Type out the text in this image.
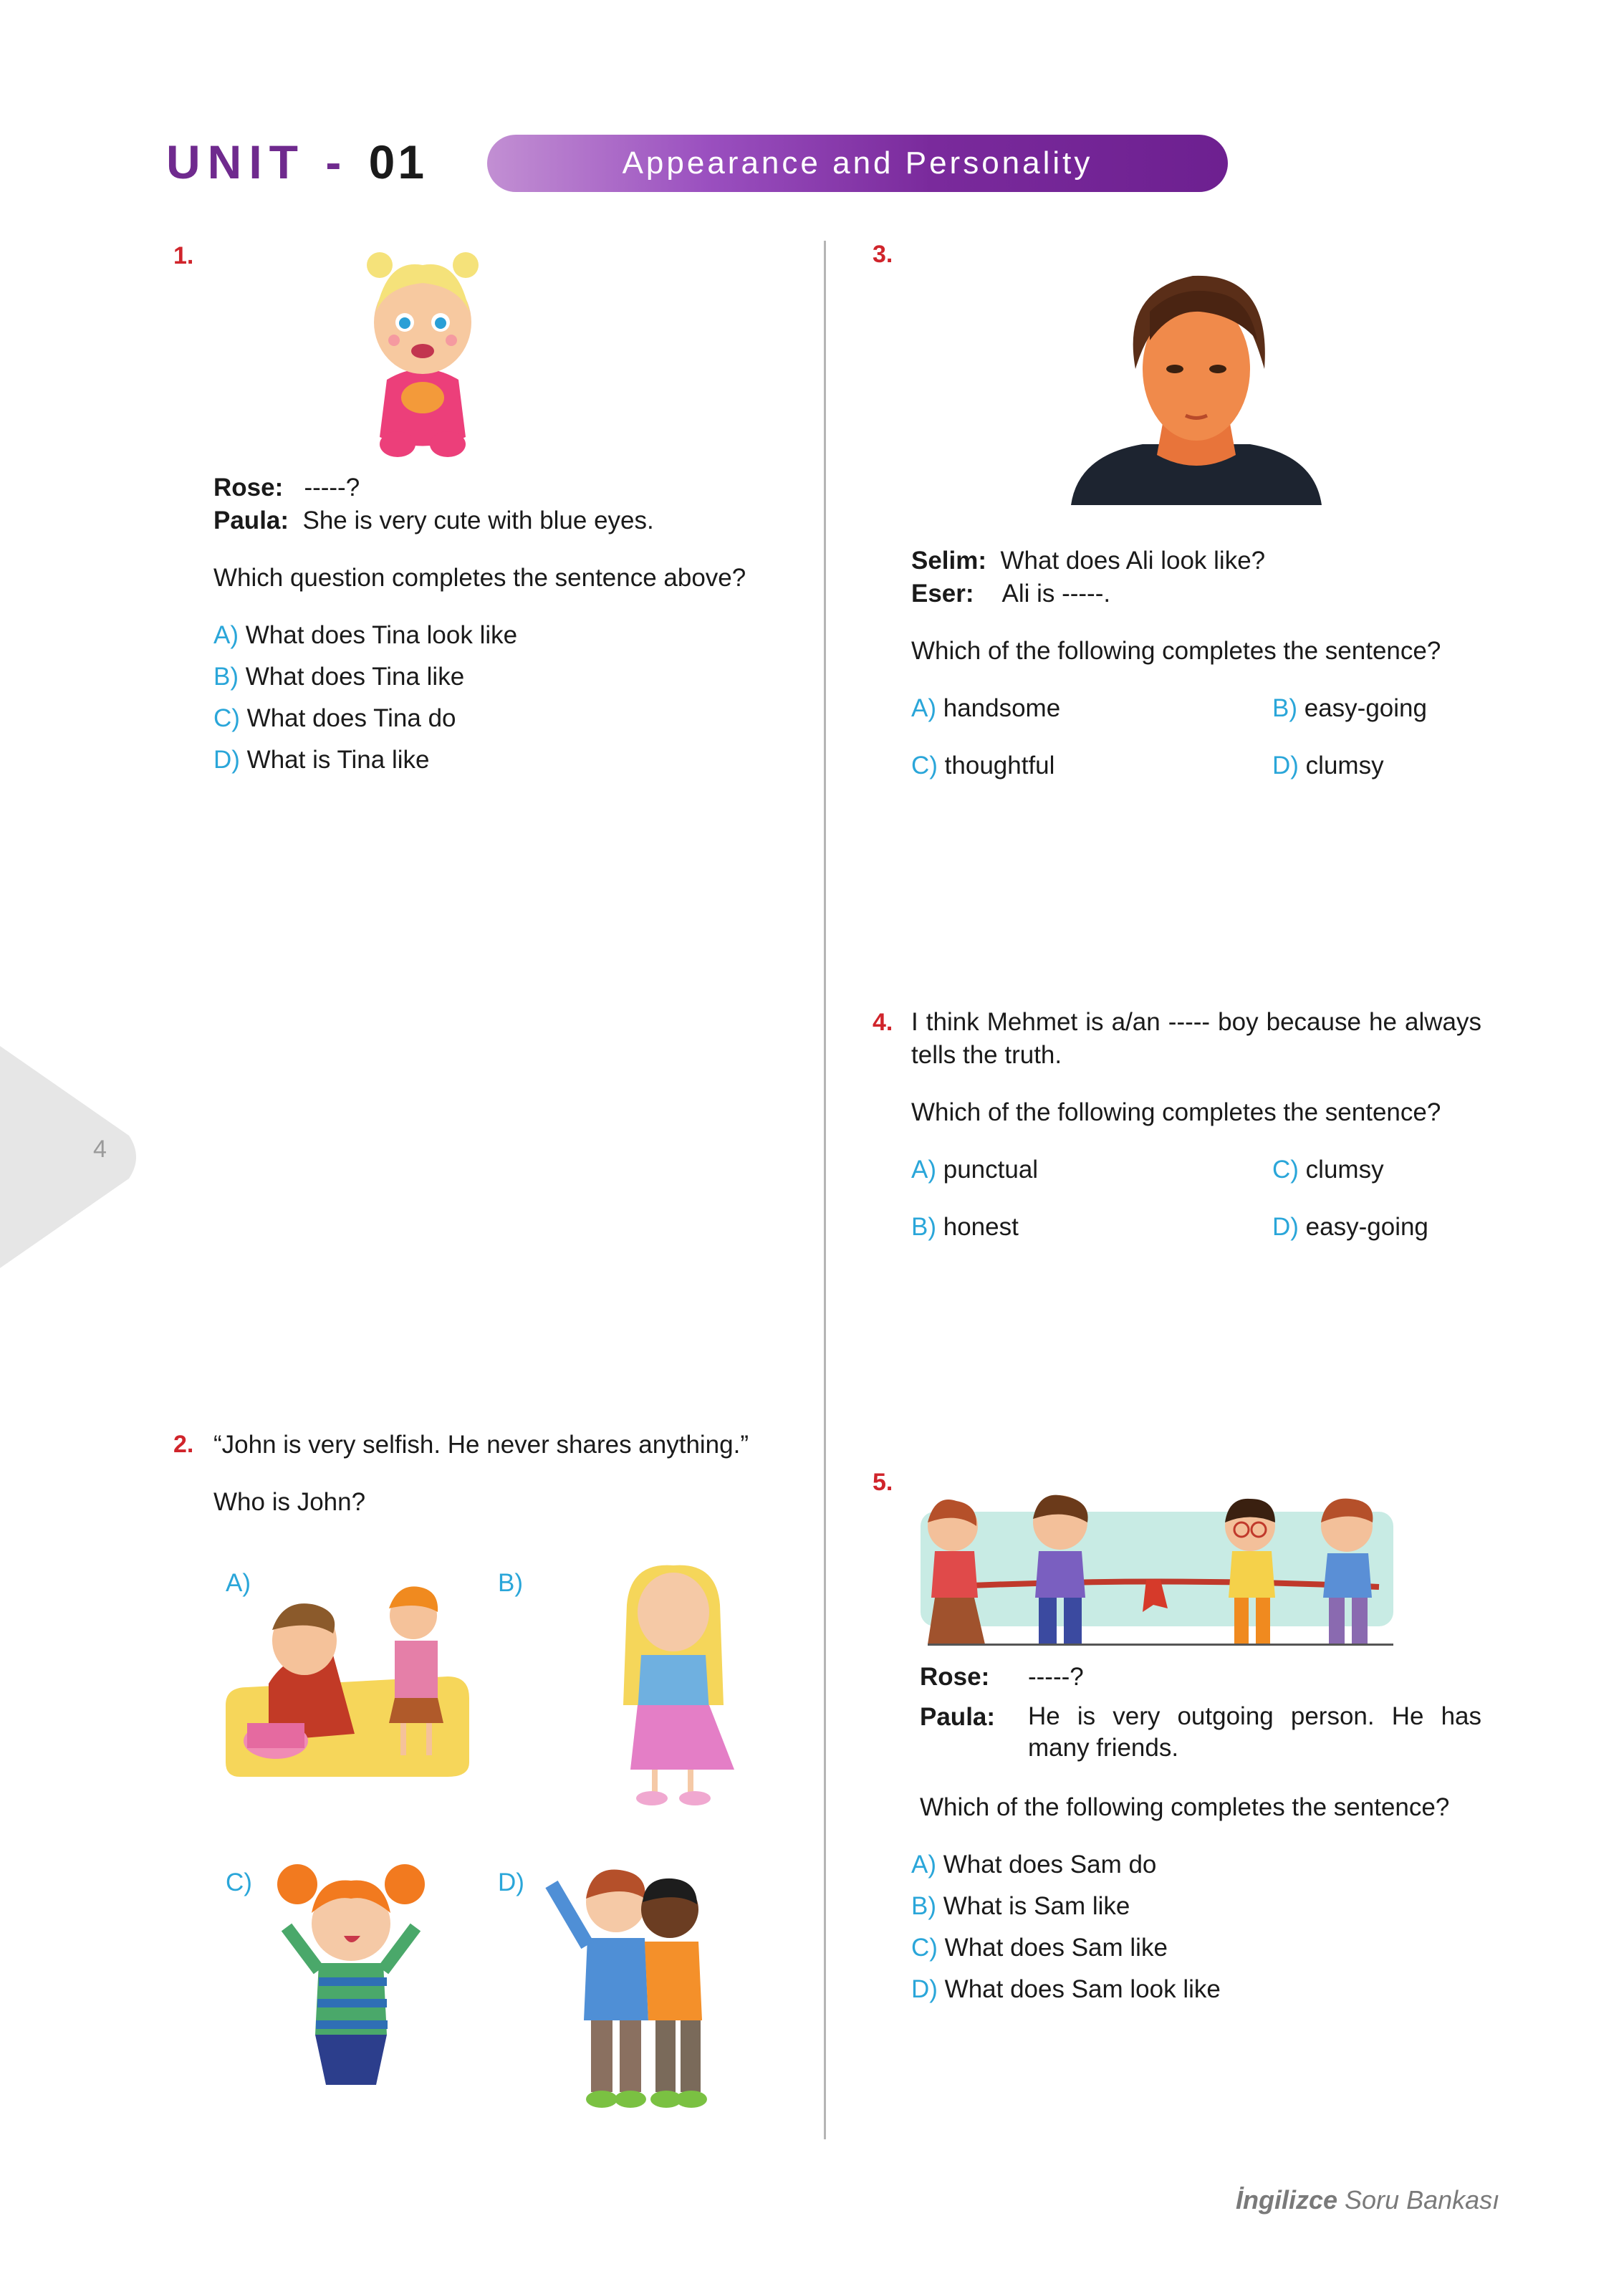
UNIT - 01	Appearance and Personality
4
1.
Rose: -----?
Paula: She is very cute with blue eyes.
Which question completes the sentence above?
A) What does Tina look like
B) What does Tina like
C) What does Tina do
D) What is Tina like
2. “John is very selfish. He never shares anything.”
Who is John?
A)	B)
C)	D)
3.
Selim: What does Ali look like?
Eser: Ali is -----.
Which of the following completes the sentence?
A) handsome	B) easy-going
C) thoughtful	D) clumsy
4. I think Mehmet is a/an ----- boy because he always tells the truth.
Which of the following completes the sentence?
A) punctual	C) clumsy
B) honest	D) easy-going
5.
Rose: -----?
Paula: He is very outgoing person. He has many friends.
Which of the following completes the sentence?
A) What does Sam do
B) What is Sam like
C) What does Sam like
D) What does Sam look like
İngilizce Soru Bankası
